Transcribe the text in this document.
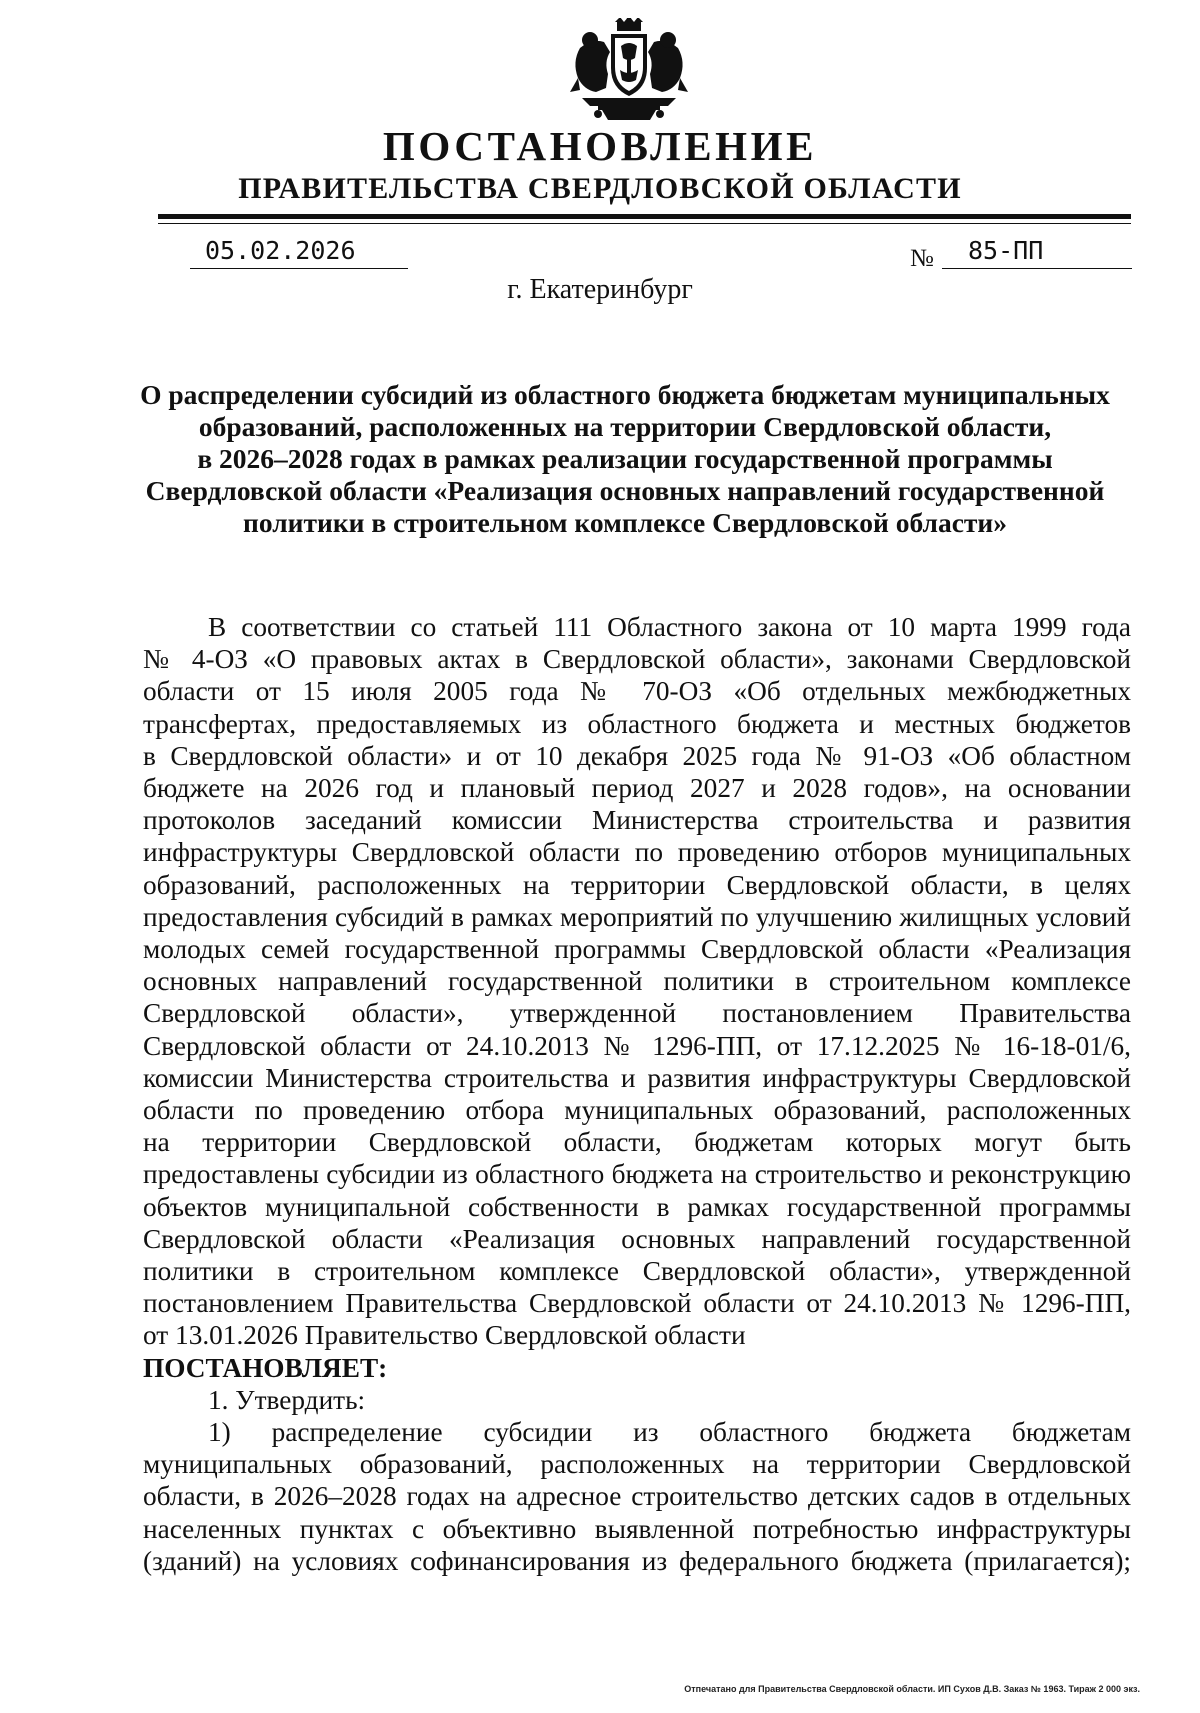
ПОСТАНОВЛЕНИЕ
ПРАВИТЕЛЬСТВА СВЕРДЛОВСКОЙ ОБЛАСТИ
05.02.2026	№ 85-ПП
г. Екатеринбург
О распределении субсидий из областного бюджета бюджетам муниципальных
образований, расположенных на территории Свердловской области,
в 2026–2028 годах в рамках реализации государственной программы
Свердловской области «Реализация основных направлений государственной
политики в строительном комплексе Свердловской области»
В соответствии со статьей 111 Областного закона от 10 марта 1999 года
№ 4-ОЗ «О правовых актах в Свердловской области», законами Свердловской
области от 15 июля 2005 года № 70-ОЗ «Об отдельных межбюджетных
трансфертах, предоставляемых из областного бюджета и местных бюджетов
в Свердловской области» и от 10 декабря 2025 года № 91-ОЗ «Об областном
бюджете на 2026 год и плановый период 2027 и 2028 годов», на основании
протоколов заседаний комиссии Министерства строительства и развития
инфраструктуры Свердловской области по проведению отборов муниципальных
образований, расположенных на территории Свердловской области, в целях
предоставления субсидий в рамках мероприятий по улучшению жилищных условий
молодых семей государственной программы Свердловской области «Реализация
основных направлений государственной политики в строительном комплексе
Свердловской области», утвержденной постановлением Правительства
Свердловской области от 24.10.2013 № 1296-ПП, от 17.12.2025 № 16-18-01/6,
комиссии Министерства строительства и развития инфраструктуры Свердловской
области по проведению отбора муниципальных образований, расположенных
на территории Свердловской области, бюджетам которых могут быть
предоставлены субсидии из областного бюджета на строительство и реконструкцию
объектов муниципальной собственности в рамках государственной программы
Свердловской области «Реализация основных направлений государственной
политики в строительном комплексе Свердловской области», утвержденной
постановлением Правительства Свердловской области от 24.10.2013 № 1296-ПП,
от 13.01.2026 Правительство Свердловской области
ПОСТАНОВЛЯЕТ:
1. Утвердить:
1) распределение субсидии из областного бюджета бюджетам
муниципальных образований, расположенных на территории Свердловской
области, в 2026–2028 годах на адресное строительство детских садов в отдельных
населенных пунктах с объективно выявленной потребностью инфраструктуры
(зданий) на условиях софинансирования из федерального бюджета (прилагается);
Отпечатано для Правительства Свердловской области. ИП Сухов Д.В. Заказ № 1963. Тираж 2 000 экз.
